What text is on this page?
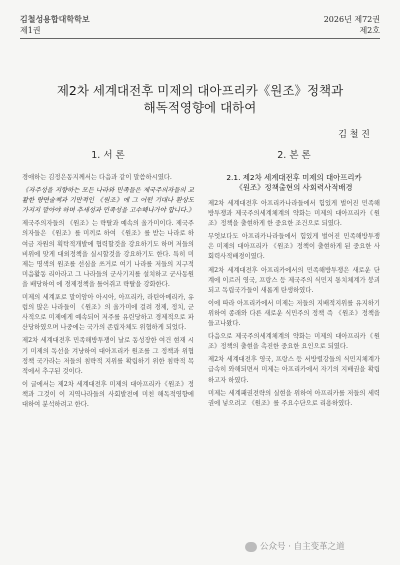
김철성용합대학학보
제1권
2026년 제72권
제2호
제2차 세계대전후 미제의 대아프리카《원조》정책과
해독적영향에 대하여
김 철 진
1. 서 론

경애하는 김정은동지께서는 다음과 같이 말씀하시였다.

《자주성을 지향하는 모든 나라와 민족들은 제국주의자들의 교활한 량면술책과 기만적인 《원조》에 그 어떤 기대나 환상도 가지지 말아야 하며 추세성과 민족성을 고수해나가야 합니다.》

제국주의자들의 《원조》는 략탈과 예속의 올가미이다. 제국주의자들은 《원조》를 미끼로 하여 《원조》를 받는 나라로 하여금 자원의 획탁적개발에 협력할것을 강요하기도 하며 저들의 비위에 맞게 대외정책을 실시할것을 강요하기도 한다. 특히 미제는 명색의 원조를 선심을 쓰거로 여기 나라를 저들의 지구적 미음활동 리아라고 그 나라들의 군사기지를 설치하고 군사동원을 배당하여 에 경제정책을 틀어쥐고 략탈을 강화한다.

미제의 세계포로 말이암아 아시아, 아프리카, 라틴아메리카, 유럽의 많은 나라들이 《원조》의 올가미에 걸려 경제, 정치, 군사적으로 미제에게 예속되어 저주를 유린당하고 경제적으로 파산당하였으며 나중에는 국가의 존립자체도 위협하게 되었다.

제2차 세계대전후 민족해방투쟁이 날로 동성장한 여건 현재 시기 미제의 독선을 겨냥하여 대아프리카 원조를 그 정책과 위협정책 국가라는 저들의 침략적 지위를 확립하기 위한 침략적 목적에서 추구된 것이다.

이 글에서는 제2차 세계대전후 미제의 대아프리카《원조》정책과 그것이 이 지역나라들의 사회발전에 미친 해독적영향에 대하여 분석하려고 한다.

2. 본 론
2.1. 제2차 세계대전후 미제의 대아프리카
《원조》정책출현의 사회력사적배경

제2차 세계대전후 아프리카나라들에서 힘있게 벌어진 민족해방투쟁과 제국주의세계체계의 약화는 미제의 대아프리카《원조》정책을 출현하게 한 중요한 조건으로 되였다.

무엇보다도 아프리카나라들에서 힘있게 벌어진 민족해방투쟁은 미제의 대아프리카 《원조》정책이 출현하게 된 중요한 사회력사적배경이였다.

제2차 세계대전후 아프리카에서의 민족해방투쟁은 새로운 단계에 이르러 영국, 프랑스 등 제국주의 식민지 통치체계가 붕괴되고 독립국가들이 새롭게 탄생하였다.

이에 따라 아프리카에서 미제는 저들의 지배적지위를 유지하기 위하여 종래와 다른 새로운 식민주의 정책 즉 《원조》정책을 들고나왔다.

다음으로 제국주의세계체계의 약화는 미제의 대아프리카《원조》정책의 출현을 촉진한 중요한 요인으로 되였다.

제2차 세계대전후 영국, 프랑스 등 서방렬강들의 식민지체계가 급속히 와해되면서 미제는 아프리카에서 자기의 지배권을 확립하고자 하였다.

미제는 세계패권전략의 실현을 위하여 아프리카를 저들의 세력권에 넣으려고 《원조》를 주요수단으로 리용하였다.

公众号 · 自主变革之道
